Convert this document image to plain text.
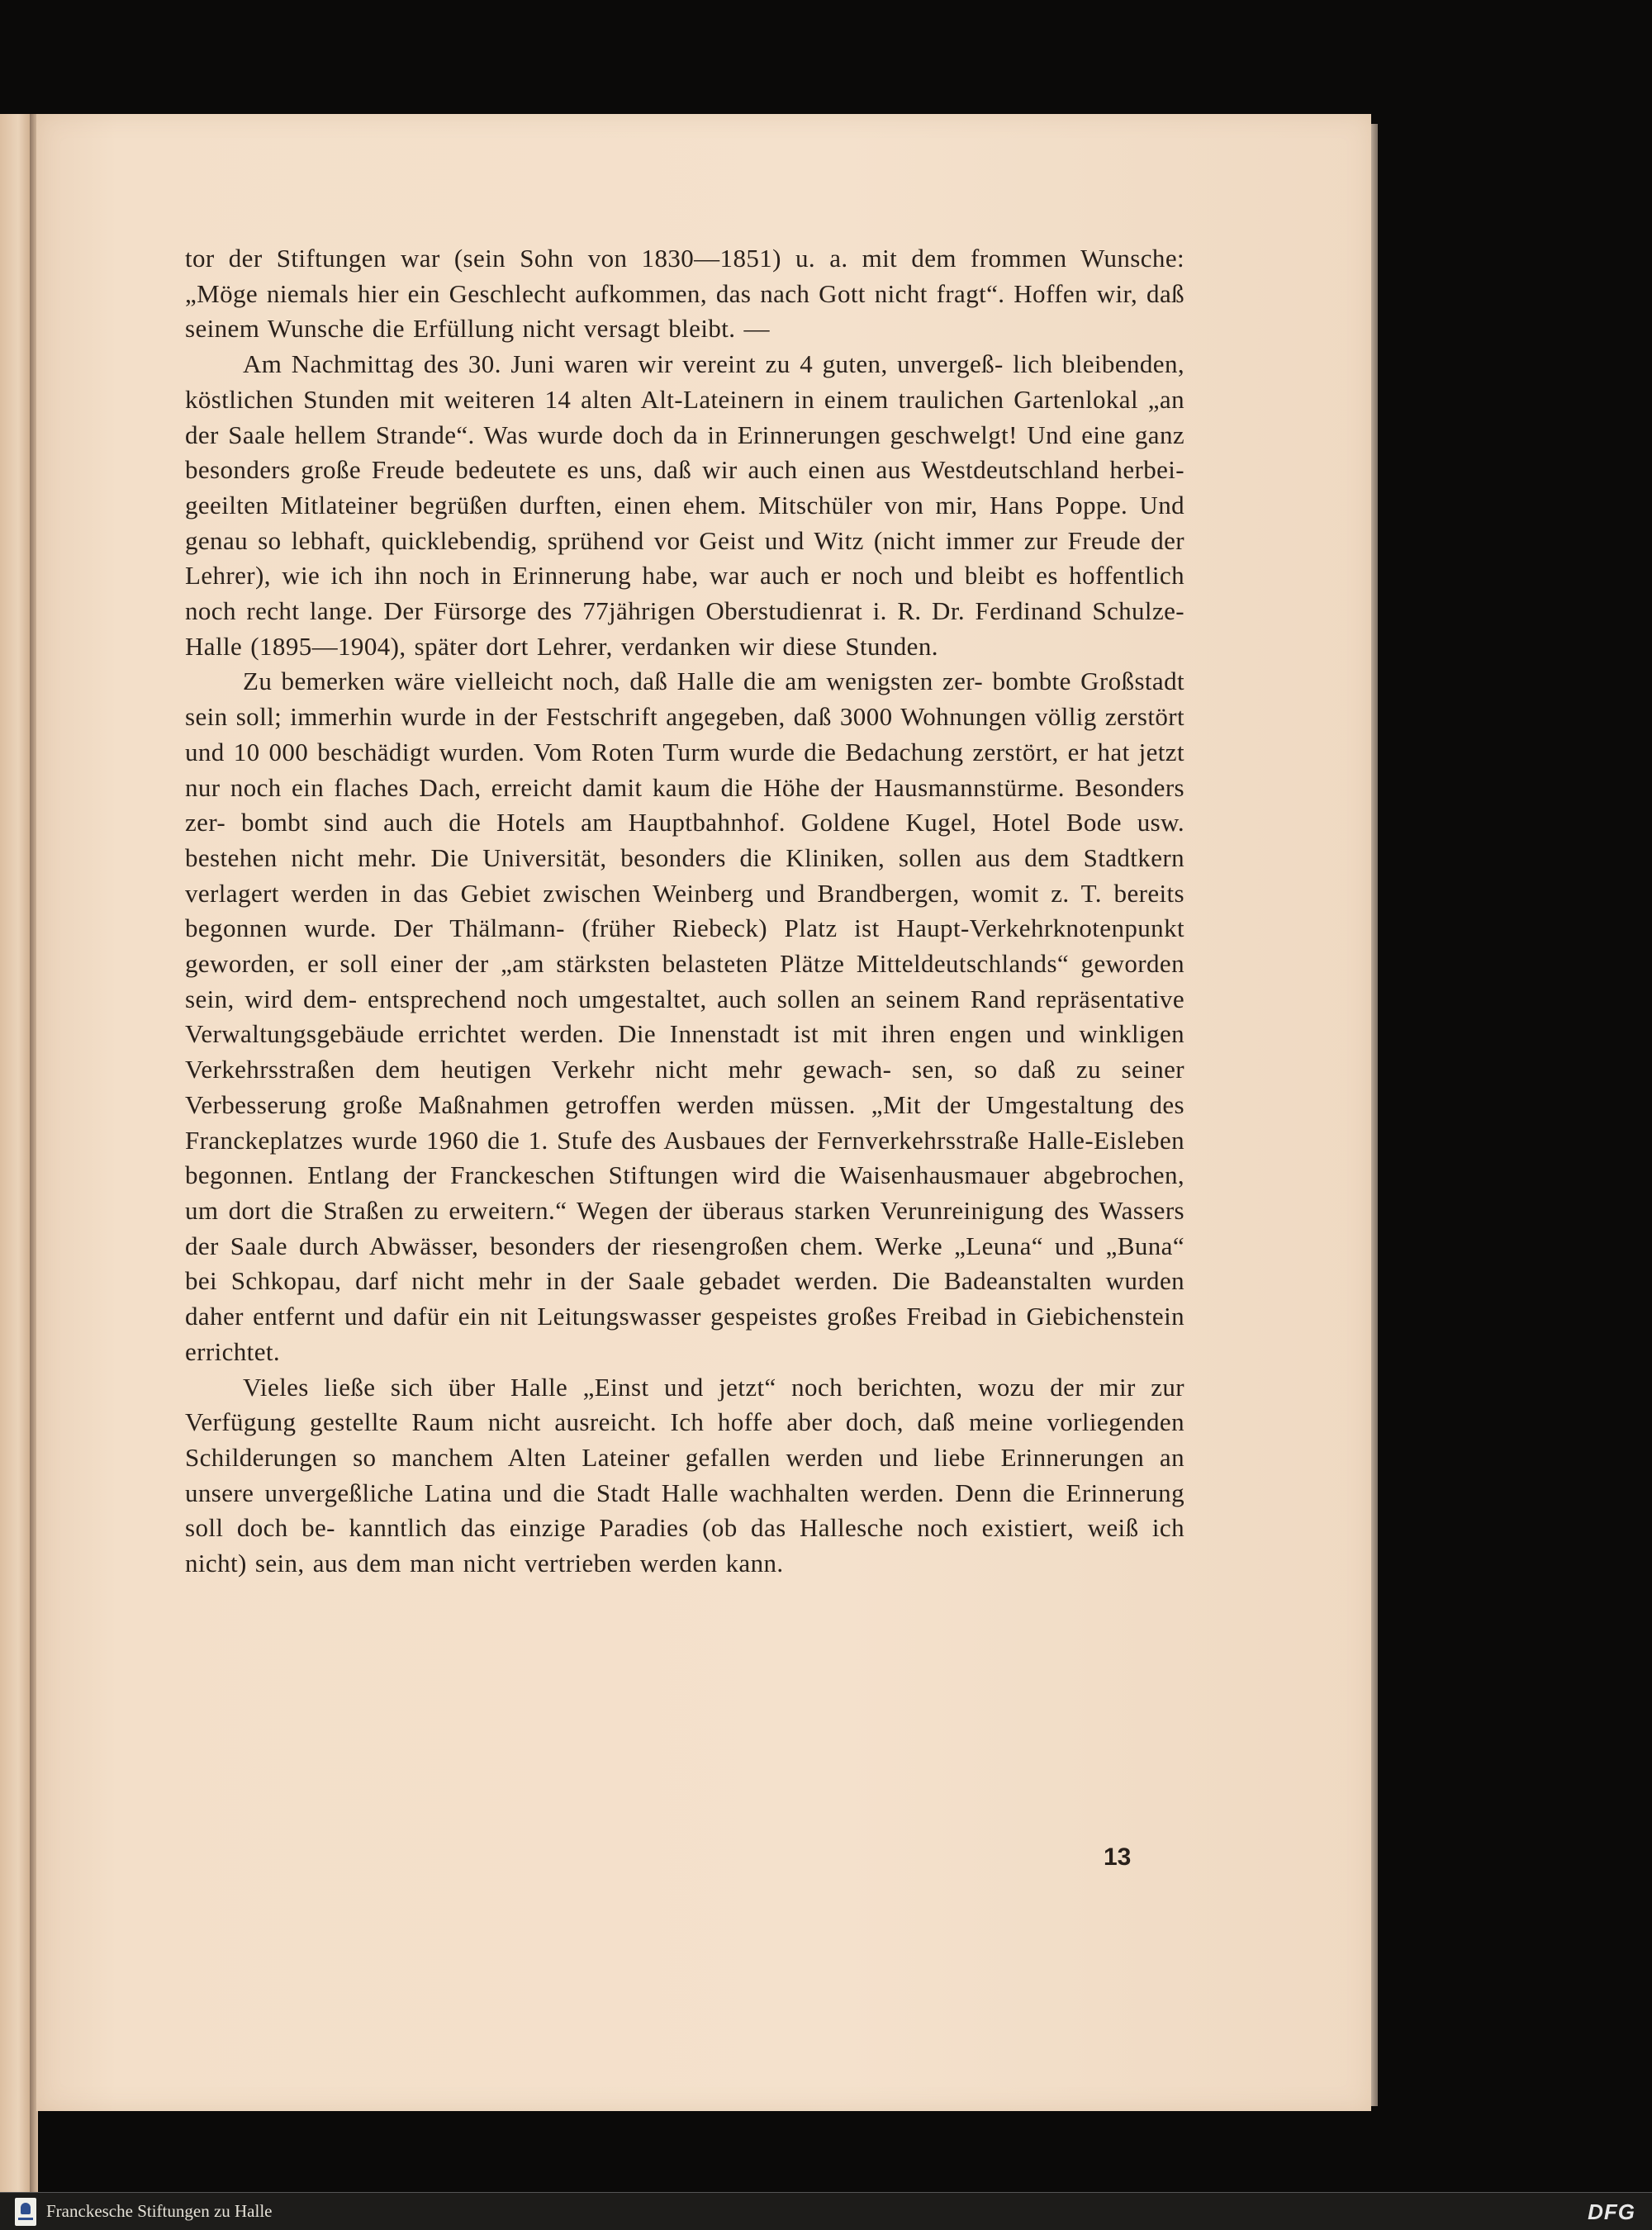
tor der Stiftungen war (sein Sohn von 1830—1851) u. a. mit dem frommen Wunsche: „Möge niemals hier ein Geschlecht aufkommen, das nach Gott nicht fragt“. Hoffen wir, daß seinem Wunsche die Erfüllung nicht versagt bleibt. —

Am Nachmittag des 30. Juni waren wir vereint zu 4 guten, unvergeß- lich bleibenden, köstlichen Stunden mit weiteren 14 alten Alt-Lateinern in einem traulichen Gartenlokal „an der Saale hellem Strande“. Was wurde doch da in Erinnerungen geschwelgt! Und eine ganz besonders große Freude bedeutete es uns, daß wir auch einen aus Westdeutschland herbei- geeilten Mitlateiner begrüßen durften, einen ehem. Mitschüler von mir, Hans Poppe. Und genau so lebhaft, quicklebendig, sprühend vor Geist und Witz (nicht immer zur Freude der Lehrer), wie ich ihn noch in Erinnerung habe, war auch er noch und bleibt es hoffentlich noch recht lange. Der Fürsorge des 77jährigen Oberstudienrat i. R. Dr. Ferdinand Schulze-Halle (1895—1904), später dort Lehrer, verdanken wir diese Stunden.

Zu bemerken wäre vielleicht noch, daß Halle die am wenigsten zer- bombte Großstadt sein soll; immerhin wurde in der Festschrift angegeben, daß 3000 Wohnungen völlig zerstört und 10 000 beschädigt wurden. Vom Roten Turm wurde die Bedachung zerstört, er hat jetzt nur noch ein flaches Dach, erreicht damit kaum die Höhe der Hausmannstürme. Besonders zer- bombt sind auch die Hotels am Hauptbahnhof. Goldene Kugel, Hotel Bode usw. bestehen nicht mehr. Die Universität, besonders die Kliniken, sollen aus dem Stadtkern verlagert werden in das Gebiet zwischen Weinberg und Brandbergen, womit z. T. bereits begonnen wurde. Der Thälmann- (früher Riebeck) Platz ist Haupt-Verkehrknotenpunkt geworden, er soll einer der „am stärksten belasteten Plätze Mitteldeutschlands“ geworden sein, wird dem- entsprechend noch umgestaltet, auch sollen an seinem Rand repräsentative Verwaltungsgebäude errichtet werden. Die Innenstadt ist mit ihren engen und winkligen Verkehrsstraßen dem heutigen Verkehr nicht mehr gewach- sen, so daß zu seiner Verbesserung große Maßnahmen getroffen werden müssen. „Mit der Umgestaltung des Franckeplatzes wurde 1960 die 1. Stufe des Ausbaues der Fernverkehrsstraße Halle-Eisleben begonnen. Entlang der Franckeschen Stiftungen wird die Waisenhausmauer abgebrochen, um dort die Straßen zu erweitern.“ Wegen der überaus starken Verunreinigung des Wassers der Saale durch Abwässer, besonders der riesengroßen chem. Werke „Leuna“ und „Buna“ bei Schkopau, darf nicht mehr in der Saale gebadet werden. Die Badeanstalten wurden daher entfernt und dafür ein nit Leitungswasser gespeistes großes Freibad in Giebichenstein errichtet.

Vieles ließe sich über Halle „Einst und jetzt“ noch berichten, wozu der mir zur Verfügung gestellte Raum nicht ausreicht. Ich hoffe aber doch, daß meine vorliegenden Schilderungen so manchem Alten Lateiner gefallen werden und liebe Erinnerungen an unsere unvergeßliche Latina und die Stadt Halle wachhalten werden. Denn die Erinnerung soll doch be- kanntlich das einzige Paradies (ob das Hallesche noch existiert, weiß ich nicht) sein, aus dem man nicht vertrieben werden kann.

13
Franckesche Stiftungen zu Halle	DFG
